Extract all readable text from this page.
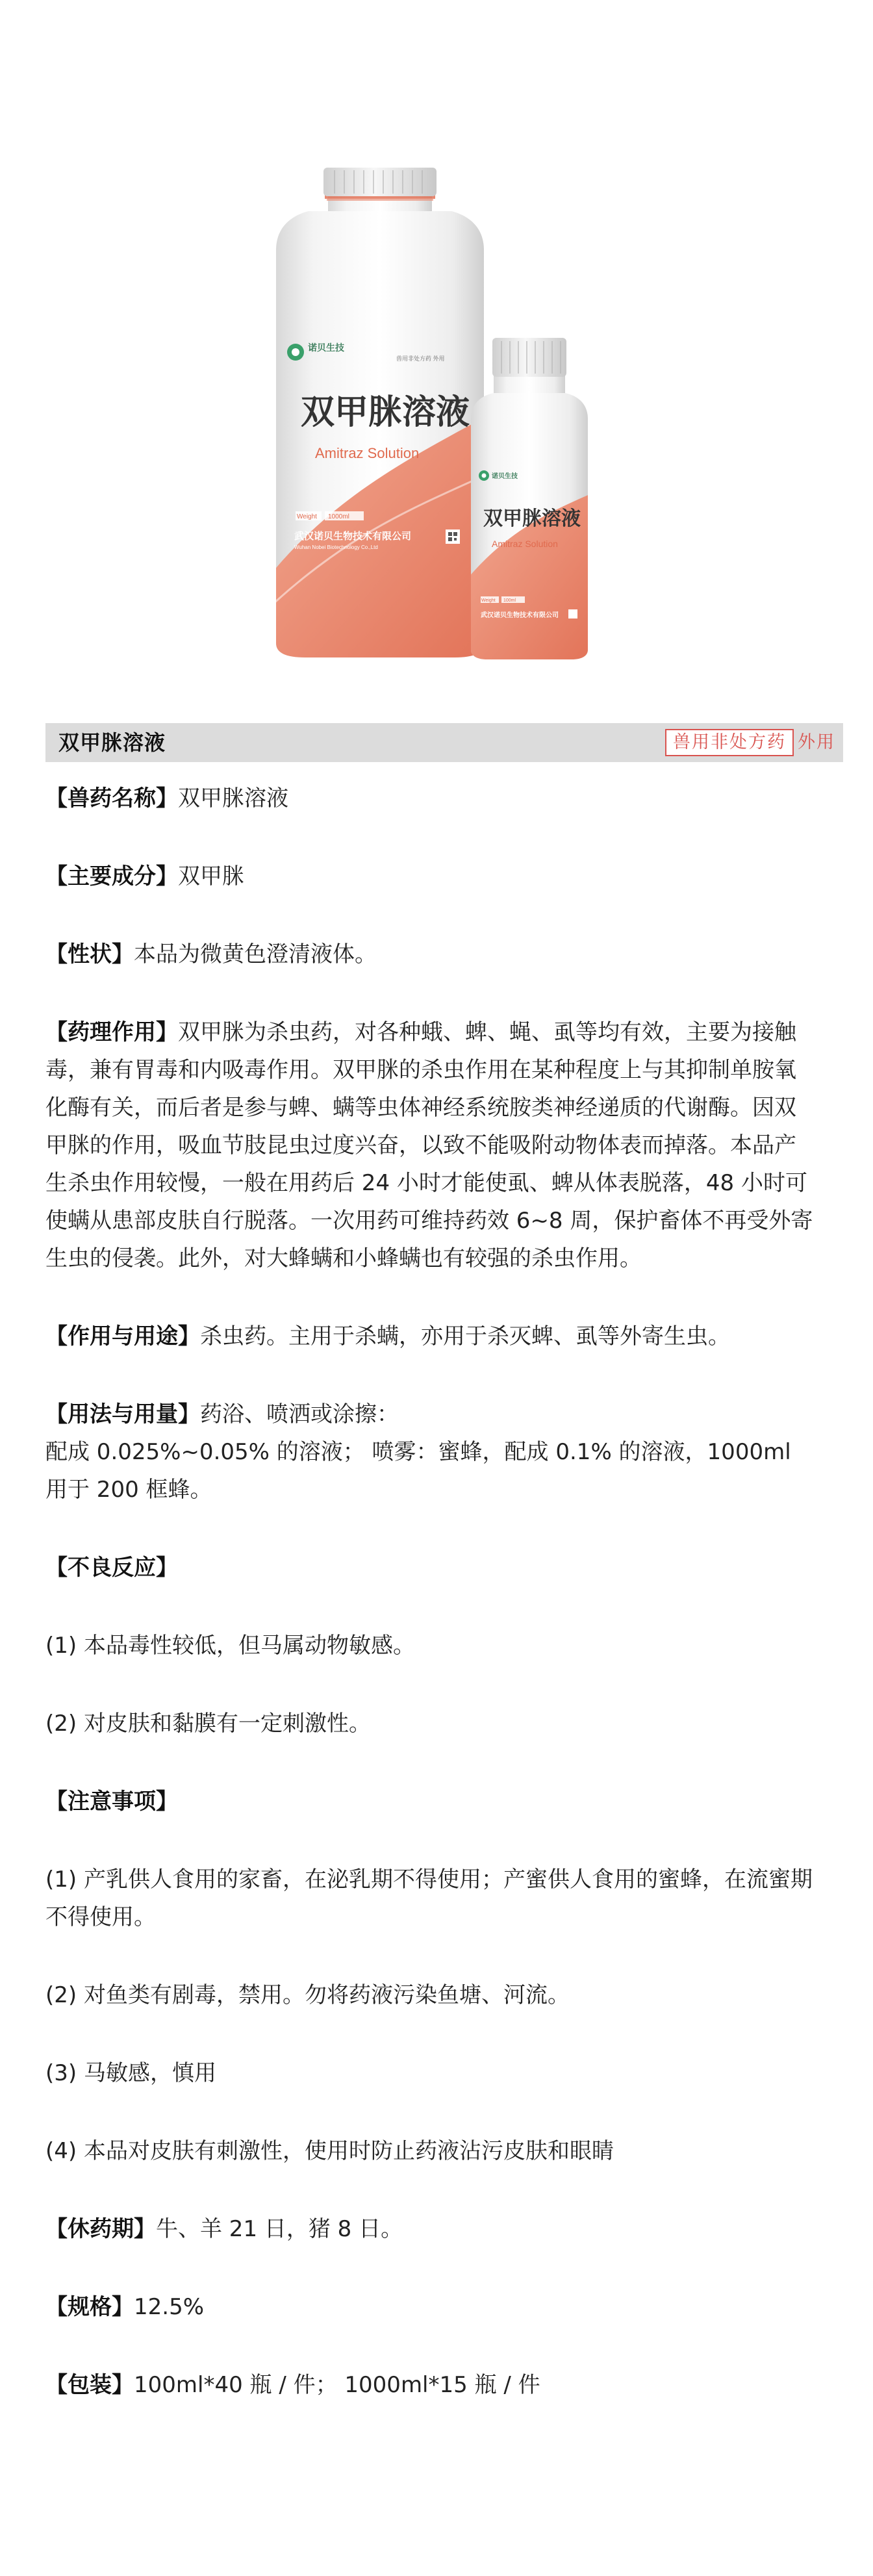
诺贝生技
兽用非处方药 外用
双甲脒溶液
Amitraz Solution
Weight 1000ml
武汉诺贝生物技术有限公司
Wuhan Nobei Biotechnology Co.,Ltd
诺贝生技
双甲脒溶液
Amitraz Solution
Weight 100ml
武汉诺贝生物技术有限公司
双甲脒溶液	兽用非处方药 外用

【兽药名称】双甲脒溶液

【主要成分】双甲脒

【性状】本品为微黄色澄清液体。

【药理作用】双甲脒为杀虫药，对各种蛾、蜱、蝇、虱等均有效，主要为接触毒，兼有胃毒和内吸毒作用。双甲脒的杀虫作用在某种程度上与其抑制单胺氧化酶有关，而后者是参与蜱、螨等虫体神经系统胺类神经递质的代谢酶。因双甲脒的作用，吸血节肢昆虫过度兴奋，以致不能吸附动物体表而掉落。本品产生杀虫作用较慢，一般在用药后 24 小时才能使虱、蜱从体表脱落，48 小时可使螨从患部皮肤自行脱落。一次用药可维持药效 6~8 周，保护畜体不再受外寄生虫的侵袭。此外，对大蜂螨和小蜂螨也有较强的杀虫作用。

【作用与用途】杀虫药。主用于杀螨，亦用于杀灭蜱、虱等外寄生虫。

【用法与用量】药浴、喷洒或涂擦：

配成 0.025%~0.05% 的溶液； 喷雾：蜜蜂，配成 0.1% 的溶液，1000ml 用于 200 框蜂。

【不良反应】

(1) 本品毒性较低，但马属动物敏感。

(2) 对皮肤和黏膜有一定刺激性。

【注意事项】

(1) 产乳供人食用的家畜，在泌乳期不得使用；产蜜供人食用的蜜蜂，在流蜜期不得使用。

(2) 对鱼类有剧毒，禁用。勿将药液污染鱼塘、河流。

(3) 马敏感，慎用

(4) 本品对皮肤有刺激性，使用时防止药液沾污皮肤和眼睛

【休药期】牛、羊 21 日，猪 8 日。

【规格】12.5%

【包装】100ml*40 瓶 / 件； 1000ml*15 瓶 / 件
